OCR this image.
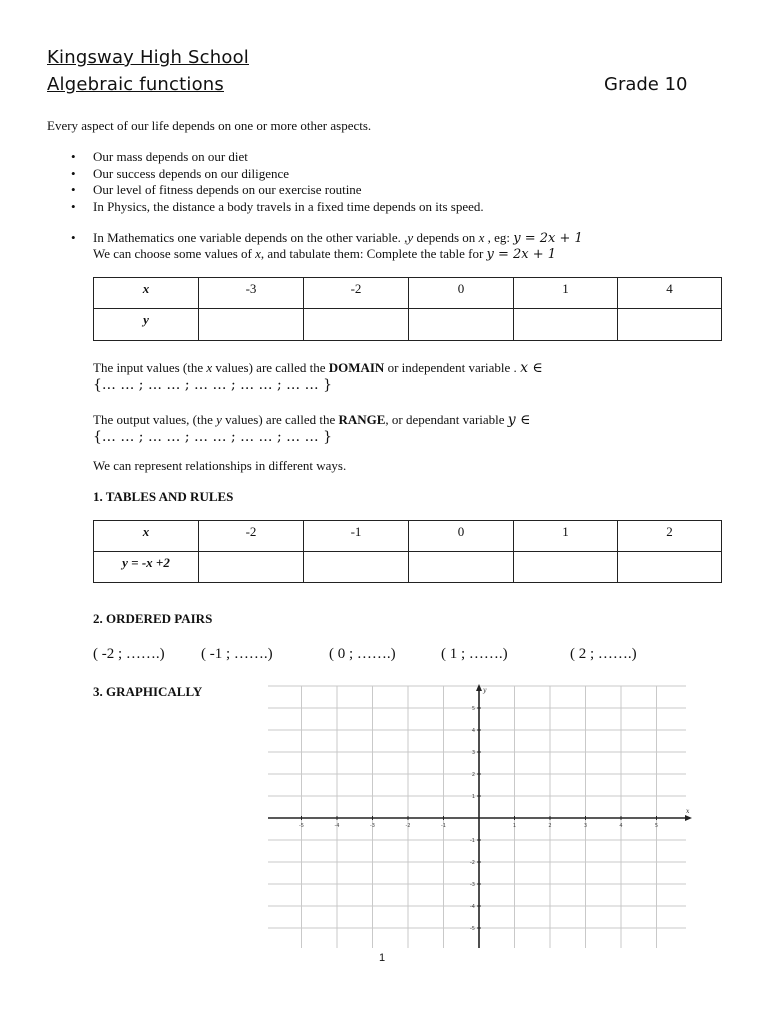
Kingsway High School
Algebraic functions	Grade 10
Every aspect of our life depends on one or more other aspects.
• Our mass depends on our diet
• Our success depends on our diligence
• Our level of fitness depends on our exercise routine
• In Physics, the distance a body travels in a fixed time depends on its speed.
• In Mathematics one variable depends on the other variable. ,y depends on x , eg: y = 2x + 1
We can choose some values of x, and tabulate them: Complete the table for y = 2x + 1
x	-3	-2	0	1	4
y					
The input values (the x values) are called the DOMAIN or independent variable . x ∈
{… … ; … … ; … … ; … … ; … … }
The output values, (the y values) are called the RANGE, or dependant variable y ∈
{… … ; … … ; … … ; … … ; … … }
We can represent relationships in different ways.
1. TABLES AND RULES
x	-2	-1	0	1	2
y = -x +2					
2. ORDERED PAIRS
( -2 ; …….) ( -1 ; …….)	( 0 ; …….)	( 1 ; …….)	( 2 ; …….)
3. GRAPHICALLY
x
y
-5	-4	-3	-2	-1	1	2	3	4	5
5
4
3
2
1
-1
-2
-3
-4
-5
1
